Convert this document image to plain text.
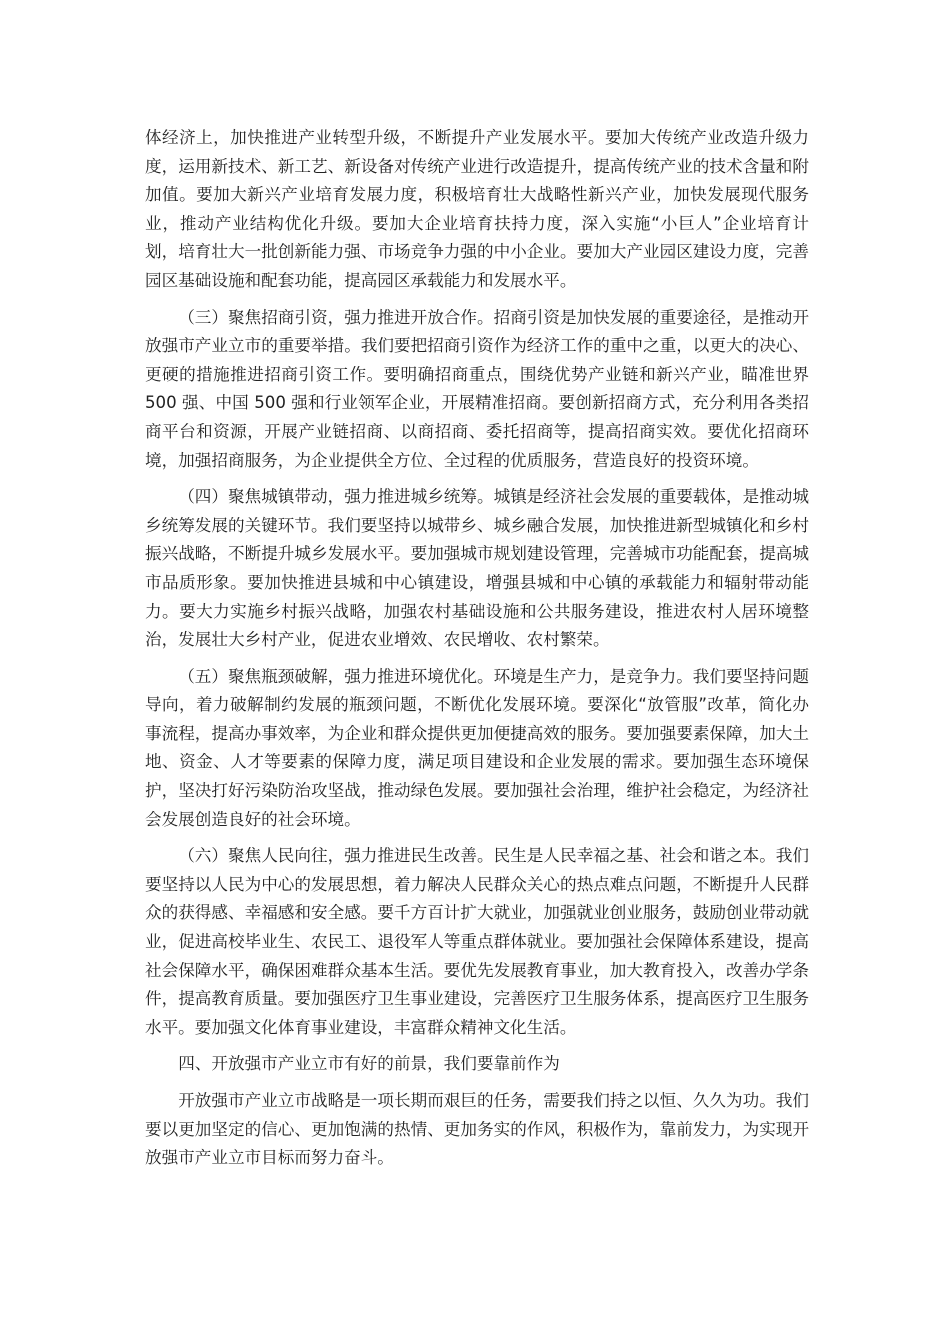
体经济上，加快推进产业转型升级，不断提升产业发展水平。要加大传统产业改造升级力度，运用新技术、新工艺、新设备对传统产业进行改造提升，提高传统产业的技术含量和附加值。要加大新兴产业培育发展力度，积极培育壮大战略性新兴产业，加快发展现代服务业，推动产业结构优化升级。要加大企业培育扶持力度，深入实施“小巨人”企业培育计划，培育壮大一批创新能力强、市场竞争力强的中小企业。要加大产业园区建设力度，完善园区基础设施和配套功能，提高园区承载能力和发展水平。

（三）聚焦招商引资，强力推进开放合作。招商引资是加快发展的重要途径，是推动开放强市产业立市的重要举措。我们要把招商引资作为经济工作的重中之重，以更大的决心、更硬的措施推进招商引资工作。要明确招商重点，围绕优势产业链和新兴产业，瞄准世界 500 强、中国 500 强和行业领军企业，开展精准招商。要创新招商方式，充分利用各类招商平台和资源，开展产业链招商、以商招商、委托招商等，提高招商实效。要优化招商环境，加强招商服务，为企业提供全方位、全过程的优质服务，营造良好的投资环境。

（四）聚焦城镇带动，强力推进城乡统筹。城镇是经济社会发展的重要载体，是推动城乡统筹发展的关键环节。我们要坚持以城带乡、城乡融合发展，加快推进新型城镇化和乡村振兴战略，不断提升城乡发展水平。要加强城市规划建设管理，完善城市功能配套，提高城市品质形象。要加快推进县城和中心镇建设，增强县城和中心镇的承载能力和辐射带动能力。要大力实施乡村振兴战略，加强农村基础设施和公共服务建设，推进农村人居环境整治，发展壮大乡村产业，促进农业增效、农民增收、农村繁荣。

（五）聚焦瓶颈破解，强力推进环境优化。环境是生产力，是竞争力。我们要坚持问题导向，着力破解制约发展的瓶颈问题，不断优化发展环境。要深化“放管服”改革，简化办事流程，提高办事效率，为企业和群众提供更加便捷高效的服务。要加强要素保障，加大土地、资金、人才等要素的保障力度，满足项目建设和企业发展的需求。要加强生态环境保护，坚决打好污染防治攻坚战，推动绿色发展。要加强社会治理，维护社会稳定，为经济社会发展创造良好的社会环境。

（六）聚焦人民向往，强力推进民生改善。民生是人民幸福之基、社会和谐之本。我们要坚持以人民为中心的发展思想，着力解决人民群众关心的热点难点问题，不断提升人民群众的获得感、幸福感和安全感。要千方百计扩大就业，加强就业创业服务，鼓励创业带动就业，促进高校毕业生、农民工、退役军人等重点群体就业。要加强社会保障体系建设，提高社会保障水平，确保困难群众基本生活。要优先发展教育事业，加大教育投入，改善办学条件，提高教育质量。要加强医疗卫生事业建设，完善医疗卫生服务体系，提高医疗卫生服务水平。要加强文化体育事业建设，丰富群众精神文化生活。

四、开放强市产业立市有好的前景，我们要靠前作为

开放强市产业立市战略是一项长期而艰巨的任务，需要我们持之以恒、久久为功。我们要以更加坚定的信心、更加饱满的热情、更加务实的作风，积极作为，靠前发力，为实现开放强市产业立市目标而努力奋斗。
